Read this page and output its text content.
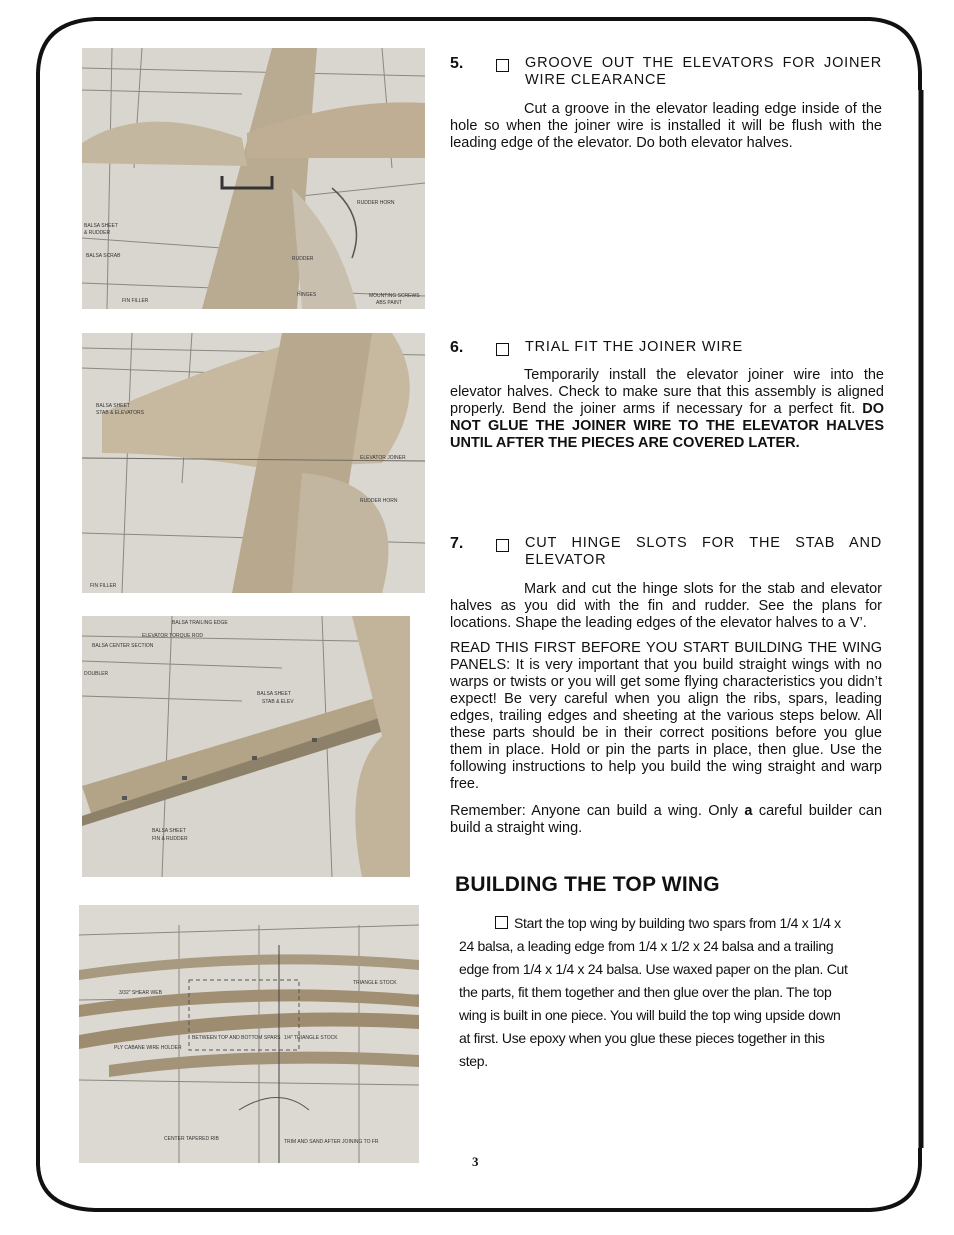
BALSA SHEET
& RUDDER
BALSA SCRAB	RUDDER
HINGES
FIN FILLER
RUDDER HORN
MOUNTING SCREWS
ABS PAINT
BALSA SHEET
STAB & ELEVATORS
ELEVATOR JOINER
RUDDER HORN
FIN FILLER
BALSA TRAILING EDGE
ELEVATOR TORQUE ROD
BALSA CENTER SECTION
DOUBLER
BALSA SHEET
STAB & ELEV
BALSA SHEET
FIN & RUDDER
TRIANGLE STOCK
3/32" SHEAR WEB
BETWEEN TOP AND BOTTOM SPARS 1/4" TRIANGLE STOCK
PLY CABANE WIRE HOLDER
CENTER TAPERED RIB	TRIM AND SAND AFTER JOINING TO FR
5.	GROOVE OUT THE ELEVATORS FOR JOINER WIRE CLEARANCE

Cut a groove in the elevator leading edge inside of the hole so when the joiner wire is installed it will be flush with the leading edge of the elevator. Do both elevator halves.

6.	TRIAL FIT THE JOINER WIRE

Temporarily install the elevator joiner wire into the elevator halves. Check to make sure that this assembly is aligned properly. Bend the joiner arms if necessary for a perfect fit. DO NOT GLUE THE JOINER WIRE TO THE ELEVATOR HALVES UNTIL AFTER THE PIECES ARE COVERED LATER.

7.	CUT HINGE SLOTS FOR THE STAB AND ELEVATOR

Mark and cut the hinge slots for the stab and elevator halves as you did with the fin and rudder. See the plans for locations. Shape the leading edges of the elevator halves to a V’.

READ THIS FIRST BEFORE YOU START BUILDING THE WING PANELS: It is very important that you build straight wings with no warps or twists or you will get some flying characteristics you didn’t expect! Be very careful when you align the ribs, spars, leading edges, trailing edges and sheeting at the various steps below. All these parts should be in their correct positions before you glue them in place. Hold or pin the parts in place, then glue. Use the following instructions to help you build the wing straight and warp free.

Remember: Anyone can build a wing. Only a careful builder can build a straight wing.

BUILDING THE TOP WING

Start the top wing by building two spars from 1/4 x 1/4 x 24 balsa, a leading edge from 1/4 x 1/2 x 24 balsa and a trailing edge from 1/4 x 1/4 x 24 balsa. Use waxed paper on the plan. Cut the parts, fit them together and then glue over the plan. The top wing is built in one piece. You will build the top wing upside down at first. Use epoxy when you glue these pieces together in this step.

3
